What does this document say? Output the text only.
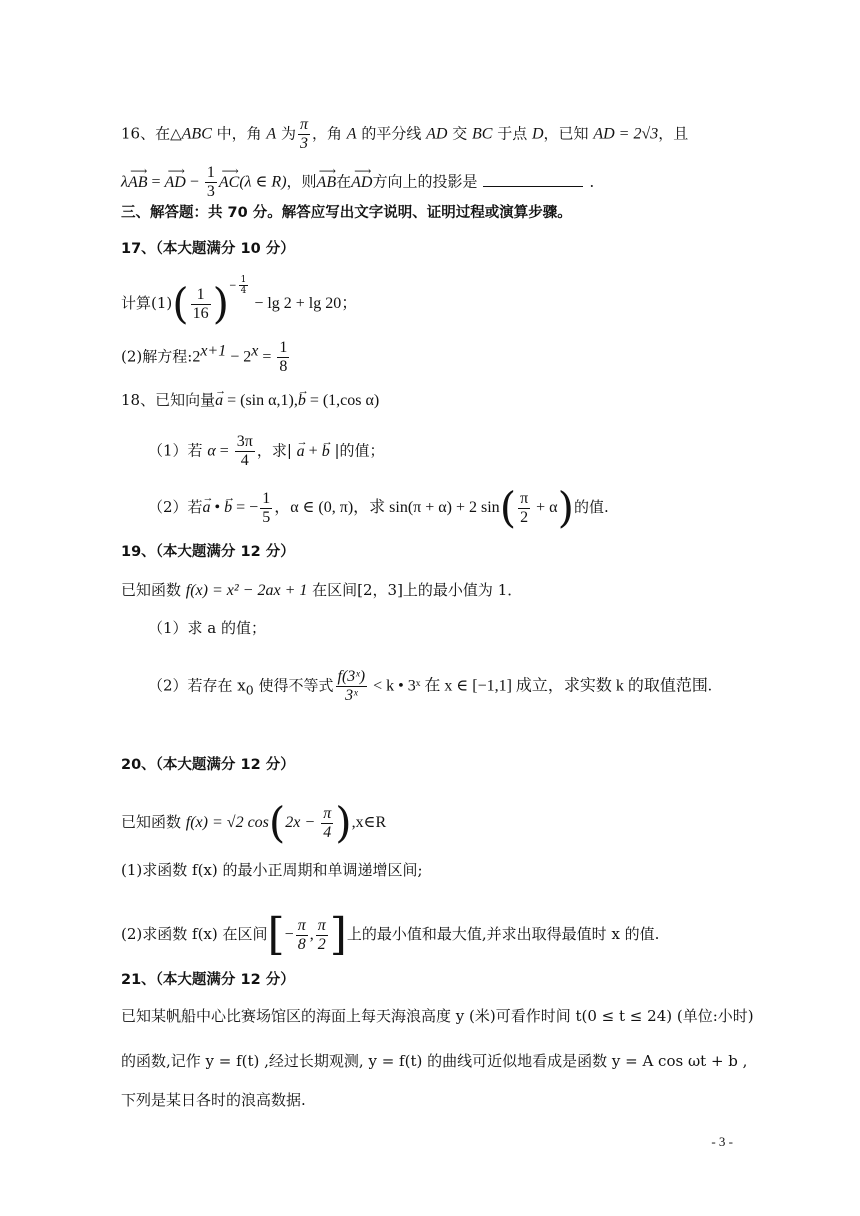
16、在△ABC 中，角 A 为 $\frac{\pi}{3}$ ，角 A 的平分线 AD 交 BC 于点 D，已知 AD = 2√3，且
λ⟶ AB = ⟶ AD − $\frac{1}{3}$
⟶ AC(λ ∈ R)，则⟶ AB在⟶ AD方向上的投影是	．
三、解答题：共 70 分。解答应写出文字说明、证明过程或演算步骤。
17、（本大题满分 10 分）
计算$(1)( \frac{1}{16} )^{- \frac{1}{4}}$
− lg 2 + lg 20；
(2)解方程$:2^{x+1} - 2^x = \frac{1}{8}$
18、已知向量→ a = (sin α,1),→ b = (1,cos α)
（1）若 $\alpha = \frac{3\pi}{4}$ ，求| → a + → b |的值；
（2）若→ a • → b = − $\frac{1}{5}$ ，α ∈ (0, π)，求 sin(π + α) + 2 $\sin( \frac{\pi}{2} + \alpha)$的值.
19、（本大题满分 12 分）
已知函数 f(x) = x² − 2ax + 1 在区间[2，3]上的最小值为 1．
（1）求 a 的值；
（2）若存在 $x_0$ 使得不等式 $\frac{\text{f(3ˣ)}}{\text{3ˣ}} < k$ • 3ˣ 在 x ∈ [−1,1] 成立，求实数 k 的取值范围.
20、（本大题满分 12 分）
已知函数 f(x) = √2 $\cos(2x - \frac{\pi}{4}$ ),x∈R
(1)求函数 f(x) 的最小正周期和单调递增区间;
(2)求函数 f(x) 在区间[− $\frac{\pi}{8}$ , $\frac{\pi}{2}$ ]上的最小值和最大值,并求出取得最值时 x 的值.
21、（本大题满分 12 分）
已知某帆船中心比赛场馆区的海面上每天海浪高度 y (米)可看作时间 t(0 ≤ t ≤ 24) (单位:小时)
的函数,记作 y = f(t) ,经过长期观测, y = f(t) 的曲线可近似地看成是函数 y = A cos ωt + b ,
下列是某日各时的浪高数据.
- 3 -
